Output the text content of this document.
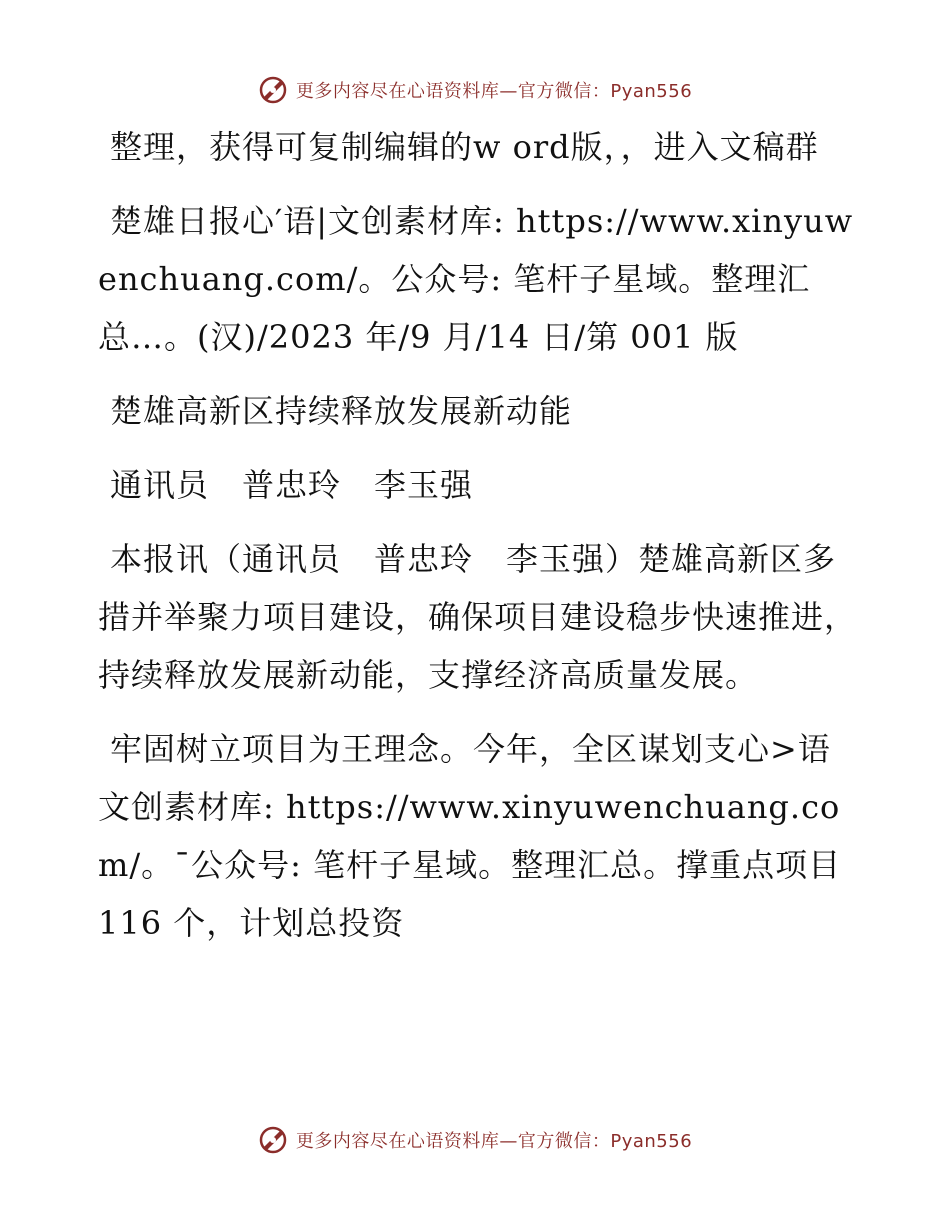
更多内容尽在心语资料库—官方微信：Pyan556

整理，获得可复制编辑的w ord版，，进入文稿群

楚雄日报心′语|文创素材库: https://www.xinyuwenchuang.com/。公众号: 笔杆子星域。整理汇总…。(汉)/2023 年/9 月/14 日/第 001 版

楚雄高新区持续释放发展新动能

通讯员　普忠玲　李玉强

本报讯（通讯员　普忠玲　李玉强）楚雄高新区多措并举聚力项目建设，确保项目建设稳步快速推进，持续释放发展新动能，支撑经济高质量发展。

牢固树立项目为王理念。今年，全区谋划支心>语文创素材库: https://www.xinyuwenchuang.com/。¯公众号: 笔杆子星域。整理汇总。撑重点项目 116 个，计划总投资

更多内容尽在心语资料库—官方微信：Pyan556
